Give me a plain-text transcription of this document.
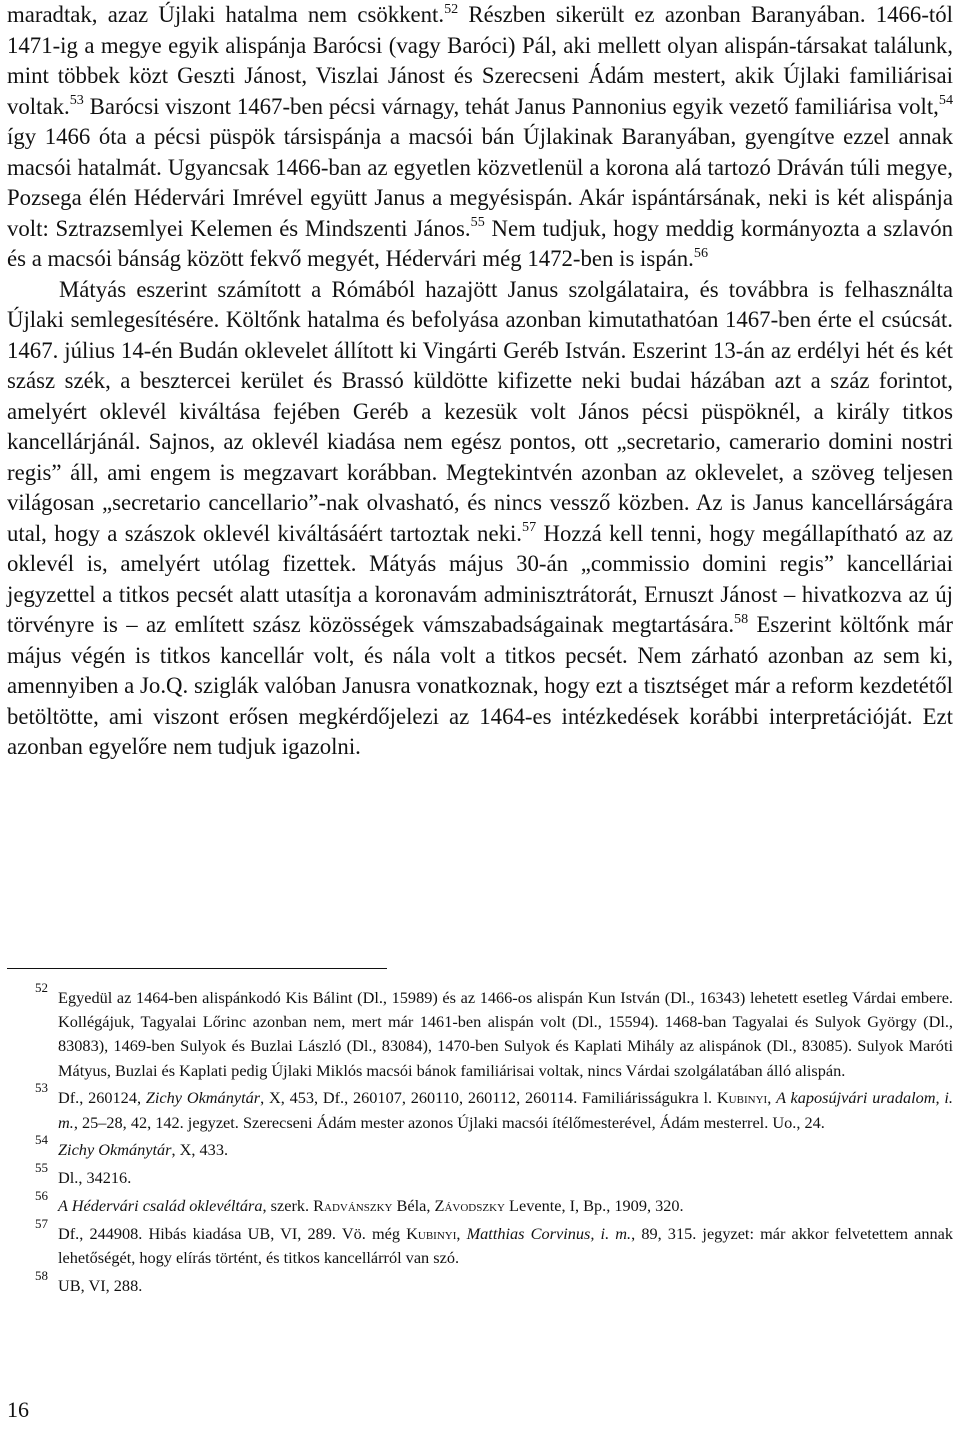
maradtak, azaz Újlaki hatalma nem csökkent.$^{52}$ Részben sikerült ez azonban Baranyában. 1466-tól 1471-ig a megye egyik alispánja Barócsi (vagy Baróci) Pál, aki mellett olyan alispán-társakat találunk, mint többek közt Geszti Jánost, Viszlai Jánost és Szerecseni Ádám mestert, akik Újlaki familiárisai voltak.$^{53}$ Barócsi viszont 1467-ben pécsi várnagy, tehát Janus Pannonius egyik vezető familiárisa volt,$^{54}$ így 1466 óta a pécsi püspök társispánja a macsói bán Újlakinak Baranyában, gyengítve ezzel annak macsói hatalmát. Ugyancsak 1466-ban az egyetlen közvetlenül a korona alá tartozó Dráván túli megye, Pozsega élén Hédervári Imrével együtt Janus a megyésispán. Akár ispántársának, neki is két alispánja volt: Sztrazsemlyei Kelemen és Mindszenti János.$^{55}$ Nem tudjuk, hogy meddig kormányozta a szlavón és a macsói bánság között fekvő megyét, Hédervári még 1472-ben is ispán.$^{56}$

Mátyás eszerint számított a Rómából hazajött Janus szolgálataira, és továbbra is felhasználta Újlaki semlegesítésére. Költőnk hatalma és befolyása azonban kimutathatóan 1467-ben érte el csúcsát. 1467. július 14-én Budán oklevelet állított ki Vingárti Geréb István. Eszerint 13-án az erdélyi hét és két szász szék, a besztercei kerület és Brassó küldötte kifizette neki budai házában azt a száz forintot, amelyért oklevél kiváltása fejében Geréb a kezesük volt János pécsi püspöknél, a király titkos kancellárjánál. Sajnos, az oklevél kiadása nem egész pontos, ott „secretario, camerario domini nostri regis” áll, ami engem is megzavart korábban. Megtekintvén azonban az oklevelet, a szöveg teljesen világosan „secretario cancellario”-nak olvasható, és nincs vessző közben. Az is Janus kancellárságára utal, hogy a szászok oklevél kiváltásáért tartoztak neki.$^{57}$ Hozzá kell tenni, hogy megállapítható az az oklevél is, amelyért utólag fizettek. Mátyás május 30-án „commissio domini regis” kancelláriai jegyzettel a titkos pecsét alatt utasítja a koronavám adminisztrátorát, Ernuszt Jánost – hivatkozva az új törvényre is – az említett szász közösségek vámszabadságainak megtartására.$^{58}$ Eszerint költőnk már május végén is titkos kancellár volt, és nála volt a titkos pecsét. Nem zárható azonban az sem ki, amennyiben a Jo.Q. sziglák valóban Janusra vonatkoznak, hogy ezt a tisztséget már a reform kezdetétől betöltötte, ami viszont erősen megkérdőjelezi az 1464-es intézkedések korábbi interpretációját. Ezt azonban egyelőre nem tudjuk igazolni.

52
Egyedül az 1464-ben alispánkodó Kis Bálint (Dl., 15989) és az 1466-os alispán Kun István (Dl., 16343) lehetett esetleg Várdai embere. Kollégájuk, Tagyalai Lőrinc azonban nem, mert már 1461-ben alispán volt (Dl., 15594). 1468-ban Tagyalai és Sulyok György (Dl., 83083), 1469-ben Sulyok és Buzlai László (Dl., 83084), 1470-ben Sulyok és Kaplati Mihály az alispánok (Dl., 83085). Sulyok Maróti Mátyus, Buzlai és Kaplati pedig Újlaki Miklós macsói bánok familiárisai voltak, nincs Várdai szolgálatában álló alispán.
53
Df., 260124, Zichy Okmánytár, X, 453, Df., 260107, 260110, 260112, 260114. Familiárisságukra l. Kubinyi, A kaposújvári uradalom, i. m., 25–28, 42, 142. jegyzet. Szerecseni Ádám mester azonos Újlaki macsói ítélőmesterével, Ádám mesterrel. Uo., 24.
54
Zichy Okmánytár, X, 433.
55
Dl., 34216.
56
A Hédervári család oklevéltára, szerk. Radvánszky Béla, Závodszky Levente, I, Bp., 1909, 320.
57
Df., 244908. Hibás kiadása UB, VI, 289. Vö. még Kubinyi, Matthias Corvinus, i. m., 89, 315. jegyzet: már akkor felvetettem annak lehetőségét, hogy elírás történt, és titkos kancellárról van szó.
58
UB, VI, 288.
16
